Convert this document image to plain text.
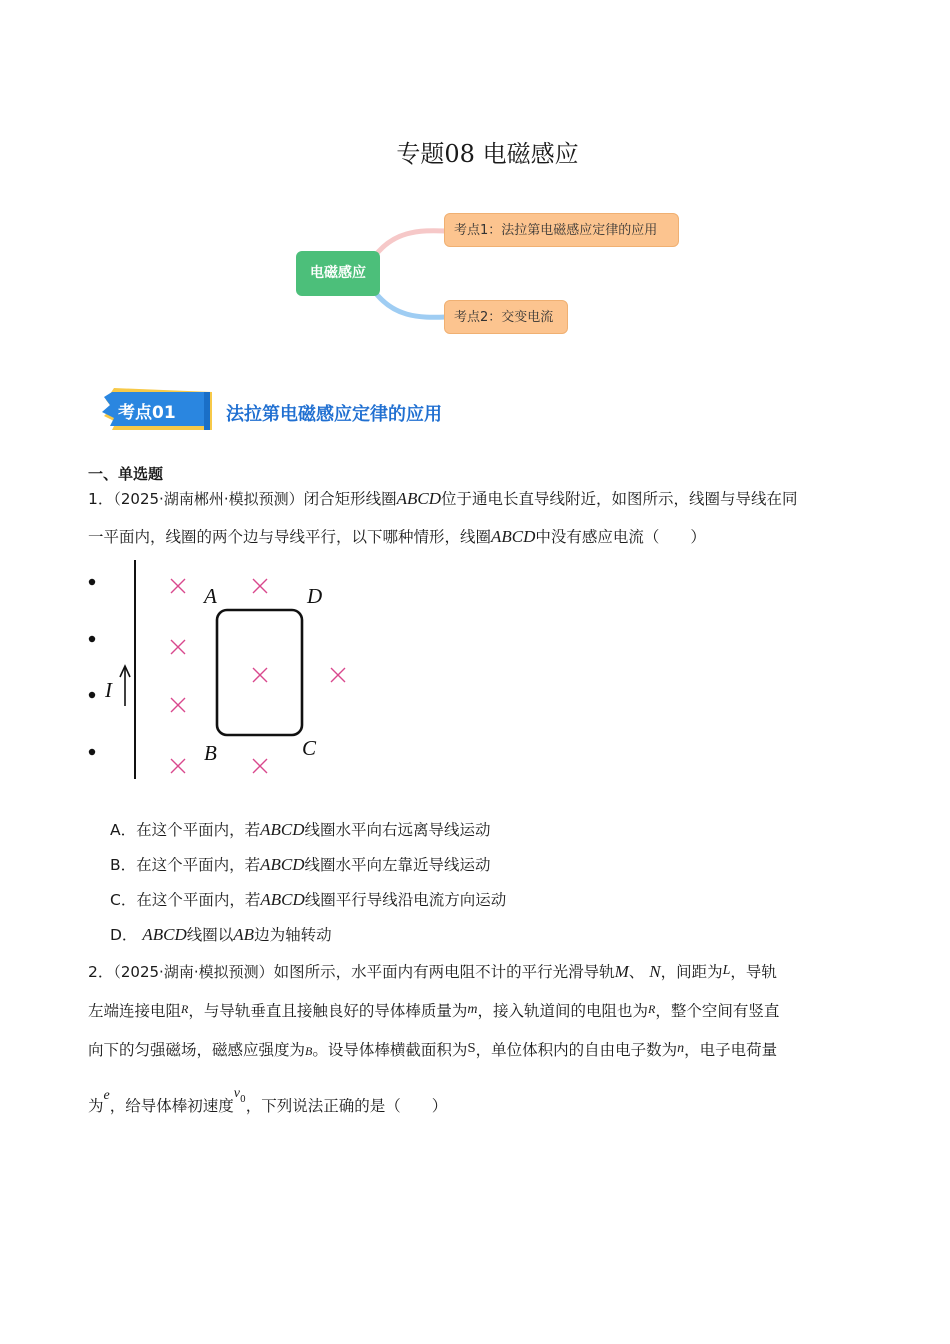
专题08 电磁感应
电磁感应
考点1：法拉第电磁感应定律的应用
考点2：交变电流
考点01	法拉第电磁感应定律的应用
一、单选题
1．（2025·湖南郴州·模拟预测）闭合矩形线圈ABCD位于通电长直导线附近，如图所示，线圈与导线在同
一平面内，线圈的两个边与导线平行，以下哪种情形，线圈ABCD中没有感应电流（　　）
I
A	D
B	C
A．在这个平面内，若ABCD线圈水平向右远离导线运动
B．在这个平面内，若ABCD线圈水平向左靠近导线运动
C．在这个平面内，若ABCD线圈平行导线沿电流方向运动
D． ABCD线圈以AB边为轴转动
2．（2025·湖南·模拟预测）如图所示，水平面内有两电阻不计的平行光滑导轨M、 N，间距为L，导轨
左端连接电阻R，与导轨垂直且接触良好的导体棒质量为m，接入轨道间的电阻也为R，整个空间有竖直
向下的匀强磁场，磁感应强度为B。设导体棒横截面积为S，单位体积内的自由电子数为n，电子电荷量
为e，给导体棒初速度$v^0$，下列说法正确的是（　　）
